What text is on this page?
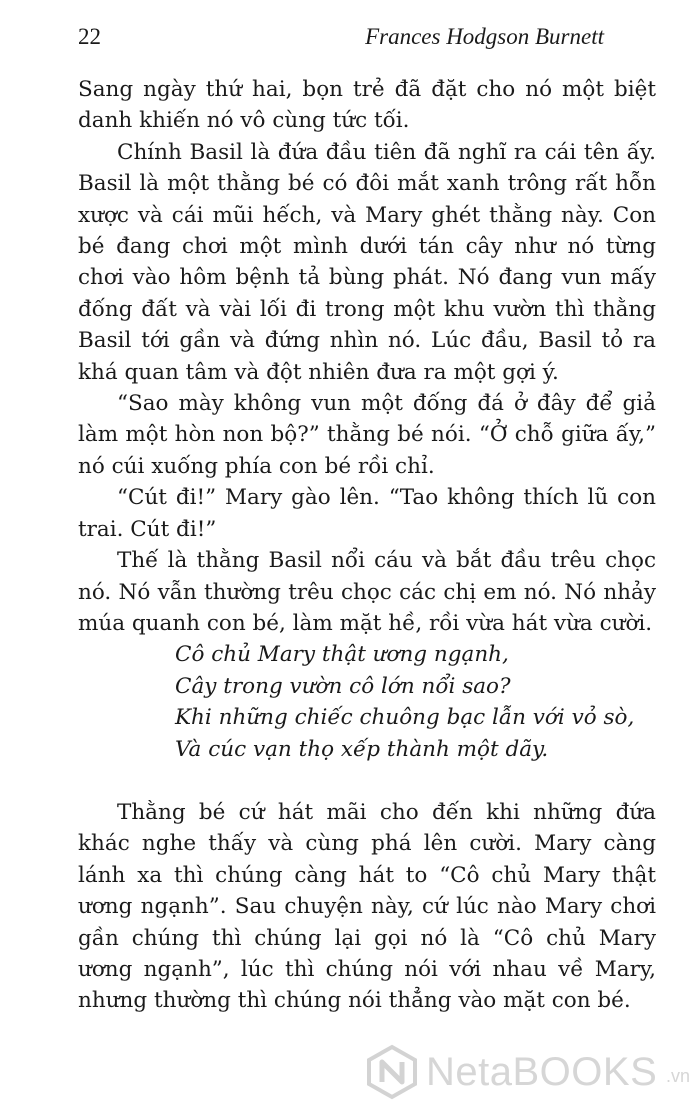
22	Frances Hodgson Burnett

Sang ngày thứ hai, bọn trẻ đã đặt cho nó một biệt danh khiến nó vô cùng tức tối.

Chính Basil là đứa đầu tiên đã nghĩ ra cái tên ấy. Basil là một thằng bé có đôi mắt xanh trông rất hỗn xược và cái mũi hếch, và Mary ghét thằng này. Con bé đang chơi một mình dưới tán cây như nó từng chơi vào hôm bệnh tả bùng phát. Nó đang vun mấy đống đất và vài lối đi trong một khu vườn thì thằng Basil tới gần và đứng nhìn nó. Lúc đầu, Basil tỏ ra khá quan tâm và đột nhiên đưa ra một gợi ý.

“Sao mày không vun một đống đá ở đây để giả làm một hòn non bộ?” thằng bé nói. “Ở chỗ giữa ấy,” nó cúi xuống phía con bé rồi chỉ.

“Cút đi!” Mary gào lên. “Tao không thích lũ con trai. Cút đi!”

Thế là thằng Basil nổi cáu và bắt đầu trêu chọc nó. Nó vẫn thường trêu chọc các chị em nó. Nó nhảy múa quanh con bé, làm mặt hề, rồi vừa hát vừa cười.

Cô chủ Mary thật ương ngạnh,
Cây trong vườn cô lớn nổi sao?
Khi những chiếc chuông bạc lẫn với vỏ sò,
Và cúc vạn thọ xếp thành một dãy.

Thằng bé cứ hát mãi cho đến khi những đứa khác nghe thấy và cùng phá lên cười. Mary càng lánh xa thì chúng càng hát to “Cô chủ Mary thật ương ngạnh”. Sau chuyện này, cứ lúc nào Mary chơi gần chúng thì chúng lại gọi nó là “Cô chủ Mary ương ngạnh”, lúc thì chúng nói với nhau về Mary, nhưng thường thì chúng nói thẳng vào mặt con bé.

NetaBOOKS .vn
